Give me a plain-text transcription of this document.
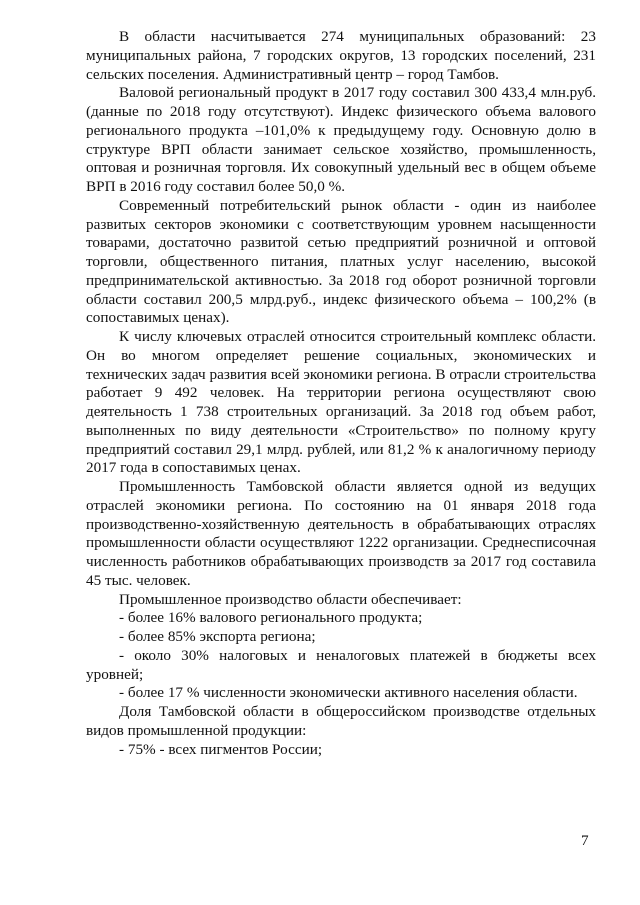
В области насчитывается 274 муниципальных образований: 23 муниципальных района, 7 городских округов, 13 городских поселений, 231 сельских поселения. Административный центр – город Тамбов.

Валовой региональный продукт в 2017 году составил 300 433,4 млн.руб. (данные по 2018 году отсутствуют). Индекс физического объема валового регионального продукта –101,0% к предыдущему году. Основную долю в структуре ВРП области занимает сельское хозяйство, промышленность, оптовая и розничная торговля. Их совокупный удельный вес в общем объеме ВРП в 2016 году составил более 50,0 %.

Современный потребительский рынок области - один из наиболее развитых секторов экономики с соответствующим уровнем насыщенности товарами, достаточно развитой сетью предприятий розничной и оптовой торговли, общественного питания, платных услуг населению, высокой предпринимательской активностью. За 2018 год оборот розничной торговли области составил 200,5 млрд.руб., индекс физического объема – 100,2% (в сопоставимых ценах).

К числу ключевых отраслей относится строительный комплекс области. Он во многом определяет решение социальных, экономических и технических задач развития всей экономики региона. В отрасли строительства работает 9 492 человек. На территории региона осуществляют свою деятельность 1 738 строительных организаций. За 2018 год объем работ, выполненных по виду деятельности «Строительство» по полному кругу предприятий составил 29,1 млрд. рублей, или 81,2 % к аналогичному периоду 2017 года в сопоставимых ценах.

Промышленность Тамбовской области является одной из ведущих отраслей экономики региона. По состоянию на 01 января 2018 года производственно-хозяйственную деятельность в обрабатывающих отраслях промышленности области осуществляют 1222 организации. Среднесписочная численность работников обрабатывающих производств за 2017 год составила 45 тыс. человек.

Промышленное производство области обеспечивает:

- более 16% валового регионального продукта;

- более 85% экспорта региона;

- около 30% налоговых и неналоговых платежей в бюджеты всех уровней;

- более 17 % численности экономически активного населения области.

Доля Тамбовской области в общероссийском производстве отдельных видов промышленной продукции:

- 75% - всех пигментов России;

7
